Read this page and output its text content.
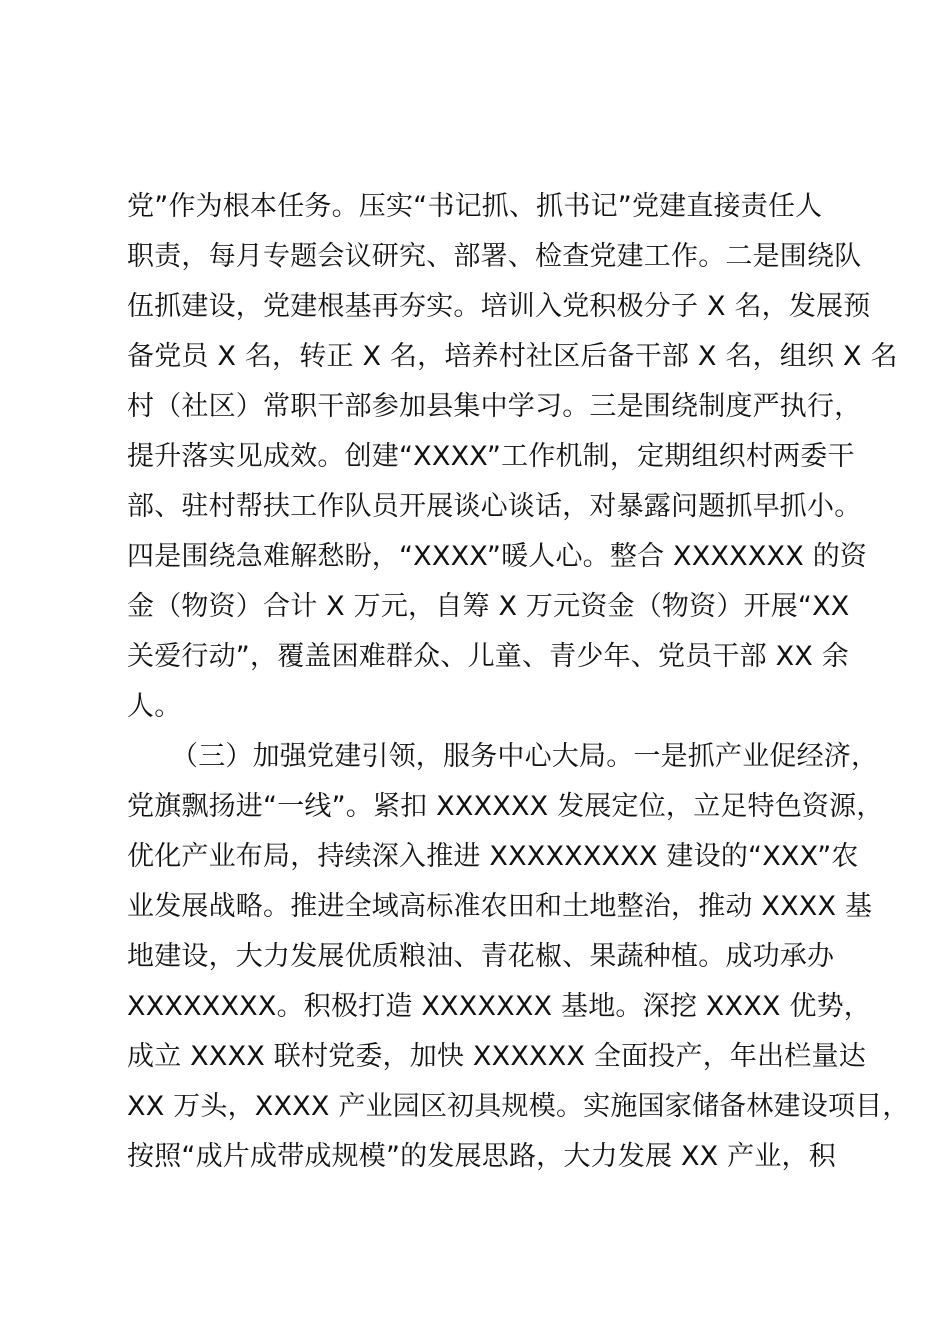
党”作为根本任务。压实“书记抓、抓书记”党建直接责任人
职责，每月专题会议研究、部署、检查党建工作。二是围绕队
伍抓建设，党建根基再夯实。培训入党积极分子 X 名，发展预
备党员 X 名，转正 X 名，培养村社区后备干部 X 名，组织 X 名
村（社区）常职干部参加县集中学习。三是围绕制度严执行，
提升落实见成效。创建“XXXX”工作机制，定期组织村两委干
部、驻村帮扶工作队员开展谈心谈话，对暴露问题抓早抓小。
四是围绕急难解愁盼，“XXXX”暖人心。整合 XXXXXXX 的资
金（物资）合计 X 万元，自筹 X 万元资金（物资）开展“XX
关爱行动”，覆盖困难群众、儿童、青少年、党员干部 XX 余
人。
（三）加强党建引领，服务中心大局。一是抓产业促经济，
党旗飘扬进“一线”。紧扣 XXXXXX 发展定位，立足特色资源，
优化产业布局，持续深入推进 XXXXXXXXX 建设的“XXX”农
业发展战略。推进全域高标准农田和土地整治，推动 XXXX 基
地建设，大力发展优质粮油、青花椒、果蔬种植。成功承办
XXXXXXXX。积极打造 XXXXXXX 基地。深挖 XXXX 优势，
成立 XXXX 联村党委，加快 XXXXXX 全面投产，年出栏量达
XX 万头，XXXX 产业园区初具规模。实施国家储备林建设项目，
按照“成片成带成规模”的发展思路，大力发展 XX 产业，积
